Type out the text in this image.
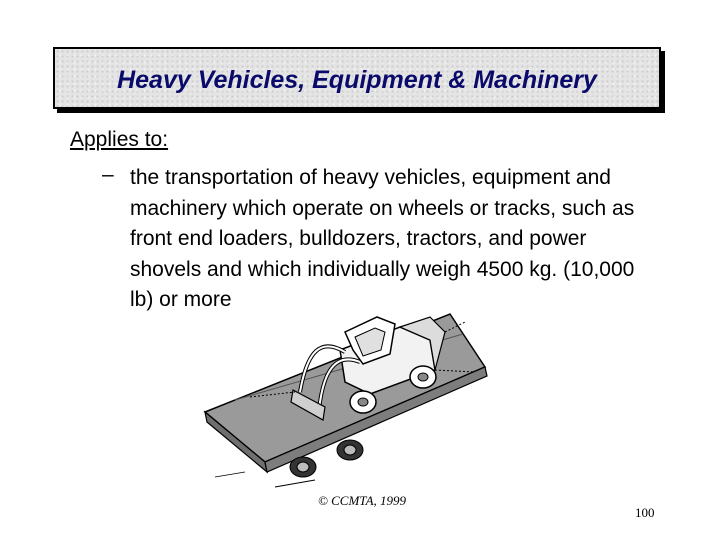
Heavy Vehicles, Equipment & Machinery
Applies to:
– the transportation of heavy vehicles, equipment and machinery which operate on wheels or tracks, such as front end loaders, bulldozers, tractors, and power shovels and which individually weigh 4500 kg. (10,000 lb) or more
© CCMTA, 1999
100
